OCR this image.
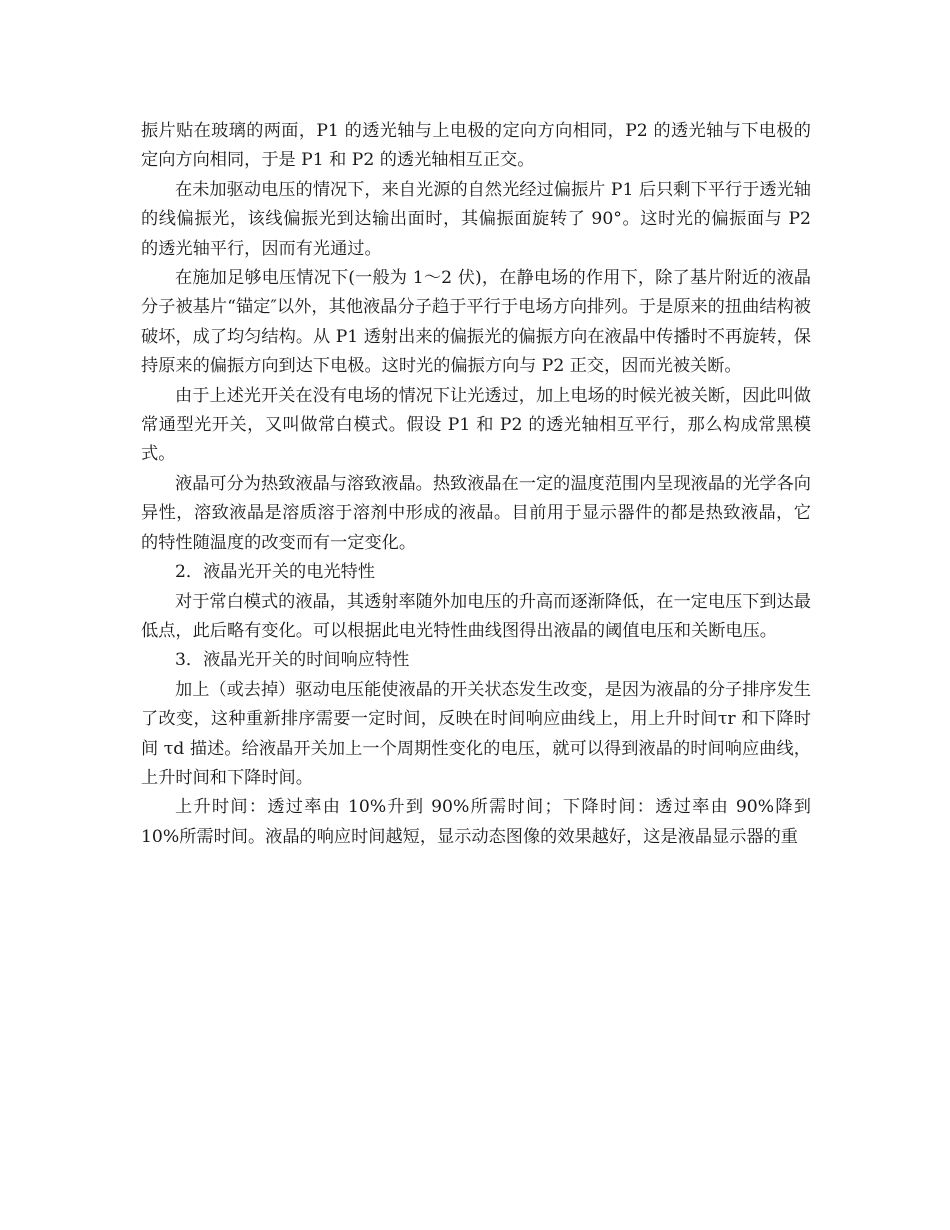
振片贴在玻璃的两面，P1 的透光轴与上电极的定向方向相同，P2 的透光轴与下电极的定向方向相同，于是 P1 和 P2 的透光轴相互正交。

在未加驱动电压的情况下，来自光源的自然光经过偏振片 P1 后只剩下平行于透光轴的线偏振光，该线偏振光到达输出面时，其偏振面旋转了 90°。这时光的偏振面与 P2 的透光轴平行，因而有光通过。

在施加足够电压情况下(一般为 1～2 伏)，在静电场的作用下，除了基片附近的液晶分子被基片“锚定″以外，其他液晶分子趋于平行于电场方向排列。于是原来的扭曲结构被破坏，成了均匀结构。从 P1 透射出来的偏振光的偏振方向在液晶中传播时不再旋转，保持原来的偏振方向到达下电极。这时光的偏振方向与 P2 正交，因而光被关断。

由于上述光开关在没有电场的情况下让光透过，加上电场的时候光被关断，因此叫做常通型光开关，又叫做常白模式。假设 P1 和 P2 的透光轴相互平行，那么构成常黑模式。

液晶可分为热致液晶与溶致液晶。热致液晶在一定的温度范围内呈现液晶的光学各向异性，溶致液晶是溶质溶于溶剂中形成的液晶。目前用于显示器件的都是热致液晶，它的特性随温度的改变而有一定变化。

2．液晶光开关的电光特性

对于常白模式的液晶，其透射率随外加电压的升高而逐渐降低，在一定电压下到达最低点，此后略有变化。可以根据此电光特性曲线图得出液晶的阈值电压和关断电压。

3．液晶光开关的时间响应特性

加上（或去掉）驱动电压能使液晶的开关状态发生改变，是因为液晶的分子排序发生了改变，这种重新排序需要一定时间，反映在时间响应曲线上，用上升时间τr 和下降时间 τd 描述。给液晶开关加上一个周期性变化的电压，就可以得到液晶的时间响应曲线，上升时间和下降时间。

上升时间：透过率由 10%升到 90%所需时间；下降时间：透过率由 90%降到 10%所需时间。液晶的响应时间越短，显示动态图像的效果越好，这是液晶显示器的重
